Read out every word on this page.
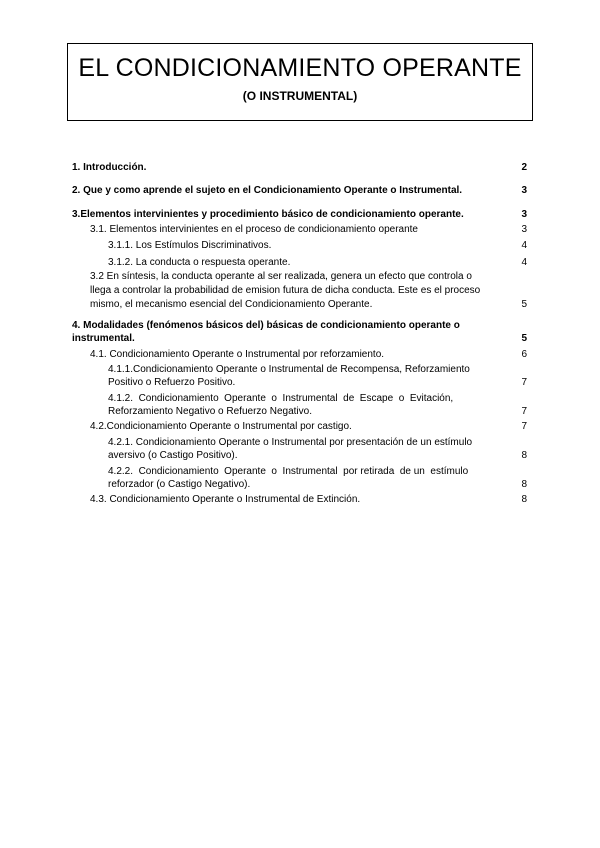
EL CONDICIONAMIENTO OPERANTE
(O INSTRUMENTAL)
1. Introducción.	2
2. Que y como aprende el sujeto en el Condicionamiento Operante o Instrumental.	3
3.Elementos intervinientes y procedimiento básico de condicionamiento operante.	3
3.1. Elementos intervinientes en el proceso de condicionamiento operante	3
3.1.1. Los Estímulos Discriminativos.	4
3.1.2. La conducta o respuesta operante.	4
3.2 En síntesis, la conducta operante al ser realizada, genera un efecto que controla o
llega a controlar la probabilidad de emision futura de dicha conducta. Este es el proceso
mismo, el mecanismo esencial del Condicionamiento Operante.	5
4. Modalidades (fenómenos básicos del) básicas de condicionamiento operante o
instrumental.	5
4.1. Condicionamiento Operante o Instrumental por reforzamiento.	6
4.1.1.Condicionamiento Operante o Instrumental de Recompensa, Reforzamiento
Positivo o Refuerzo Positivo.	7
4.1.2.  Condicionamiento  Operante  o  Instrumental  de  Escape  o  Evitación,
Reforzamiento Negativo o Refuerzo Negativo.	7
4.2.Condicionamiento Operante o Instrumental por castigo.	7
4.2.1. Condicionamiento Operante o Instrumental por presentación de un estímulo
aversivo (o Castigo Positivo).	8
4.2.2.  Condicionamiento  Operante  o  Instrumental  por retirada  de un  estímulo
reforzador (o Castigo Negativo).	8
4.3. Condicionamiento Operante o Instrumental de Extinción.	8
